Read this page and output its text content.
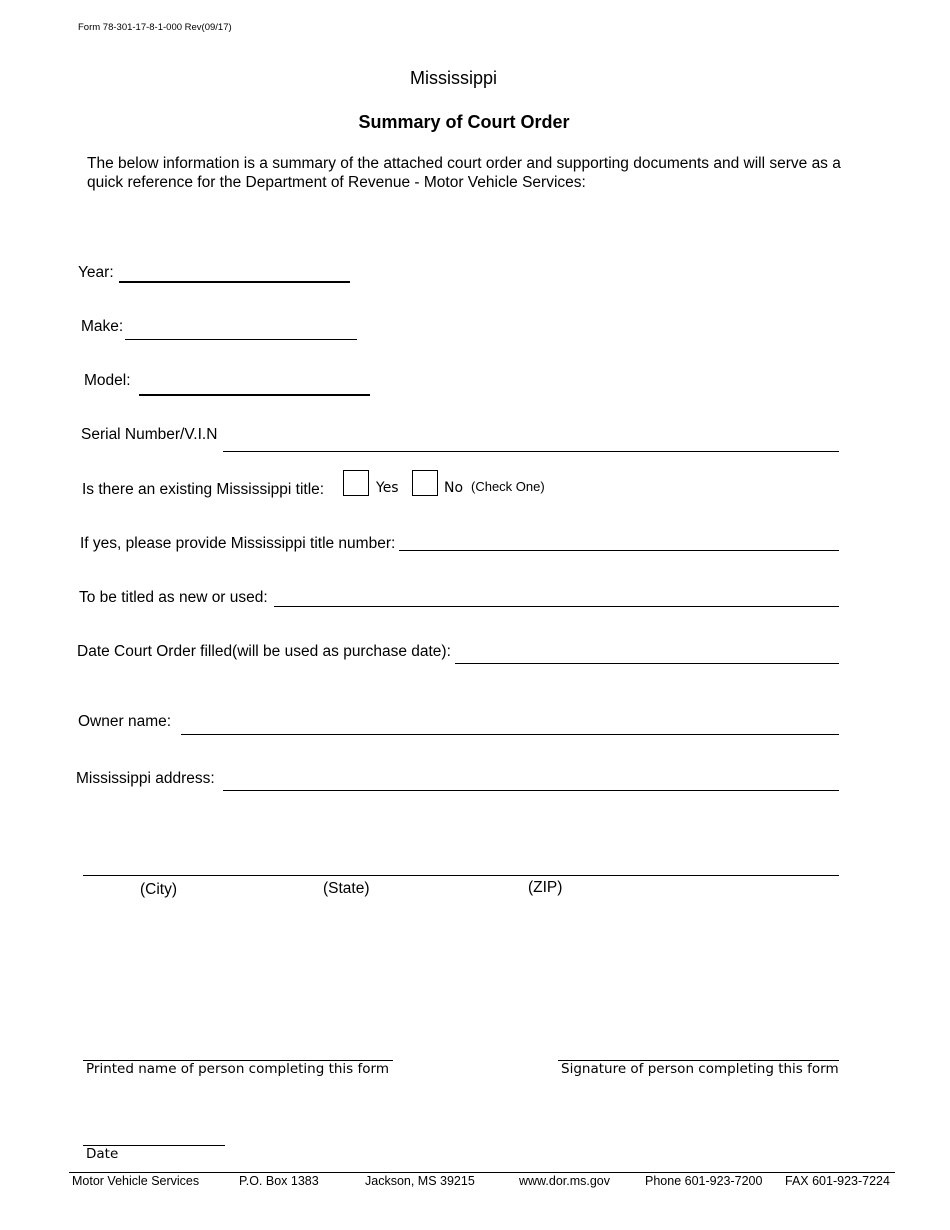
Form 78-301-17-8-1-000 Rev(09/17)
Mississippi
Summary of Court Order
The below information is a summary of the attached court order and supporting documents and will serve as a quick reference for the Department of Revenue - Motor Vehicle Services:
Year:
Make:
Model:
Serial Number/V.I.N
Is there an existing Mississippi title:	Yes	No (Check One)
If yes, please provide Mississippi title number:
To be titled as new or used:
Date Court Order filled(will be used as purchase date):
Owner name:
Mississippi address:
(City)	(State)	(ZIP)
Printed name of person completing this form	Signature of person completing this form
Date
Motor Vehicle Services	P.O. Box 1383	Jackson, MS 39215	www.dor.ms.gov	Phone 601-923-7200 FAX 601-923-7224
